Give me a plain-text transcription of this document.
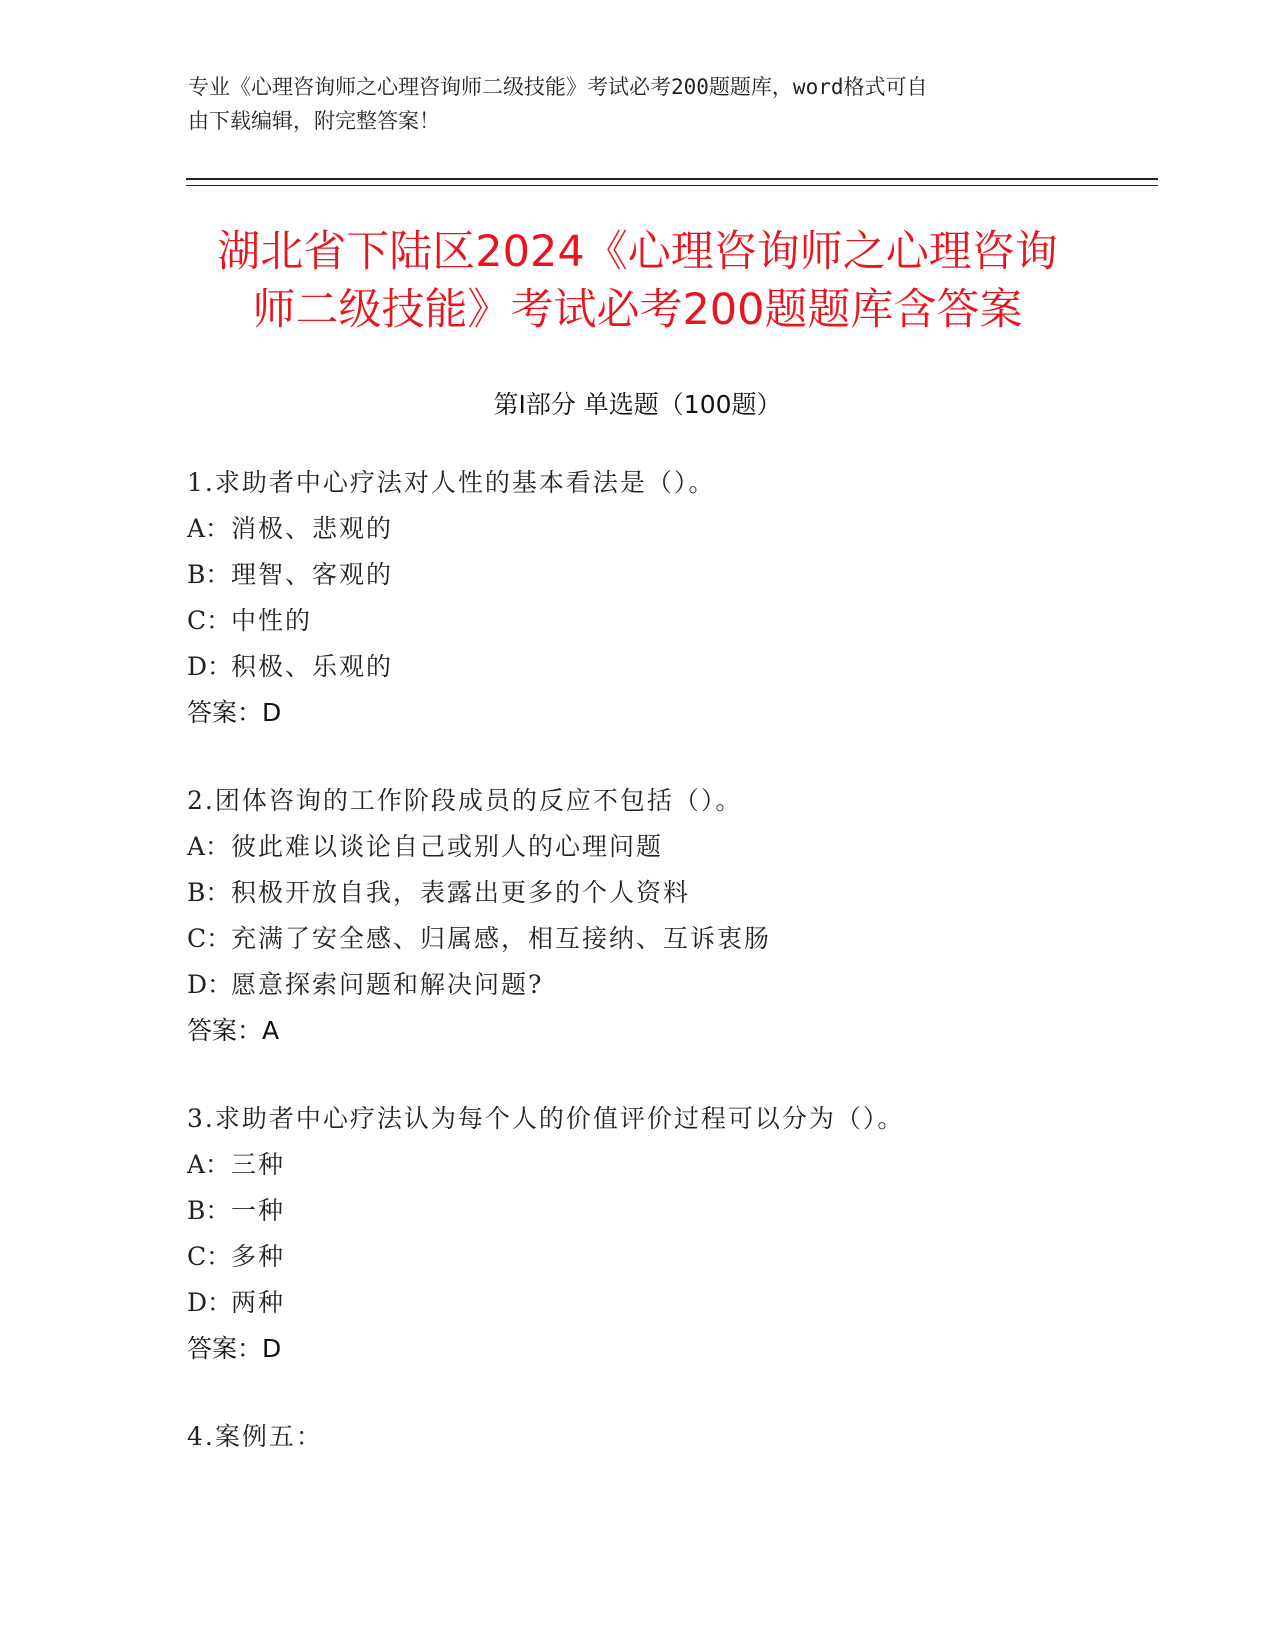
专业《心理咨询师之心理咨询师二级技能》考试必考200题题库，word格式可自
由下载编辑，附完整答案！
湖北省下陆区2024《心理咨询师之心理咨询
师二级技能》考试必考200题题库含答案
第Ⅰ部分 单选题（100题）
1.求助者中心疗法对人性的基本看法是（）。
A：消极、悲观的
B：理智、客观的
C：中性的
D：积极、乐观的
答案：D
2.团体咨询的工作阶段成员的反应不包括（）。
A：彼此难以谈论自己或别人的心理问题
B：积极开放自我，表露出更多的个人资料
C：充满了安全感、归属感，相互接纳、互诉衷肠
D：愿意探索问题和解决问题?
答案：A
3.求助者中心疗法认为每个人的价值评价过程可以分为（）。
A：三种
B：一种
C：多种
D：两种
答案：D
4.案例五：
